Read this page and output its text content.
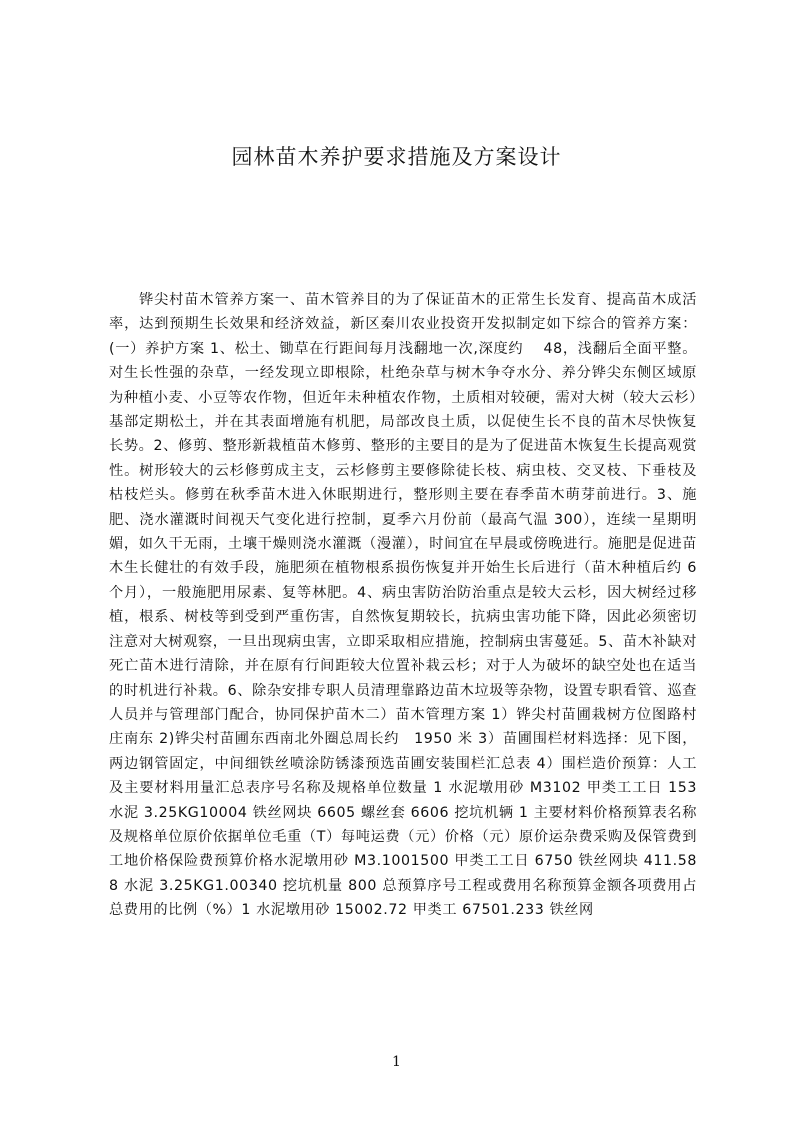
园林苗木养护要求措施及方案设计

铧尖村苗木管养方案一、苗木管养目的为了保证苗木的正常生长发育、提高苗木成活率，达到预期生长效果和经济效益，新区秦川农业投资开发拟制定如下综合的管养方案：(一）养护方案 1、松土、锄草在行距间每月浅翻地一次,深度约　 48，浅翻后全面平整。对生长性强的杂草，一经发现立即根除，杜绝杂草与树木争夺水分、养分铧尖东侧区域原为种植小麦、小豆等农作物，但近年未种植农作物，土质相对较硬，需对大树（较大云杉）基部定期松土，并在其表面增施有机肥，局部改良土质，以促使生长不良的苗木尽快恢复长势。2、修剪、整形新栽植苗木修剪、整形的主要目的是为了促进苗木恢复生长提高观赏性。树形较大的云杉修剪成主支，云杉修剪主要修除徒长枝、病虫枝、交叉枝、下垂枝及枯枝烂头。修剪在秋季苗木进入休眠期进行，整形则主要在春季苗木萌芽前进行。3、施肥、浇水灌溉时间视天气变化进行控制，夏季六月份前（最高气温 300），连续一星期明媚，如久干无雨，土壤干燥则浇水灌溉（漫灌），时间宜在早晨或傍晚进行。施肥是促进苗木生长健壮的有效手段，施肥须在植物根系损伤恢复并开始生长后进行（苗木种植后约 6 个月），一般施肥用尿素、复等林肥。4、病虫害防治防治重点是较大云杉，因大树经过移植，根系、树枝等到受到严重伤害，自然恢复期较长，抗病虫害功能下降，因此必须密切注意对大树观察，一旦出现病虫害，立即采取相应措施，控制病虫害蔓延。5、苗木补缺对死亡苗木进行清除，并在原有行间距较大位置补栽云杉；对于人为破坏的缺空处也在适当的时机进行补栽。6、除杂安排专职人员清理靠路边苗木垃圾等杂物，设置专职看管、巡查人员并与管理部门配合，协同保护苗木二）苗木管理方案 1）铧尖村苗圃栽树方位图路村庄南东 2)铧尖村苗圃东西南北外圈总周长约　1950 米 3）苗圃围栏材料选择：见下图，两边钢管固定，中间细铁丝喷涂防锈漆预选苗圃安装围栏汇总表 4）围栏造价预算：人工及主要材料用量汇总表序号名称及规格单位数量 1 水泥墩用砂 M3102 甲类工工日 153 水泥 3.25KG10004 铁丝网块 6605 螺丝套 6606 挖坑机辆 1 主要材料价格预算表名称及规格单位原价依据单位毛重（T）每吨运费（元）价格（元）原价运杂费采购及保管费到工地价格保险费预算价格水泥墩用砂 M3.1001500 甲类工工日 6750 铁丝网块 411.588 水泥 3.25KG1.00340 挖坑机量 800 总预算序号工程或费用名称预算金额各项费用占总费用的比例（%）1 水泥墩用砂 15002.72 甲类工 67501.233 铁丝网

1
